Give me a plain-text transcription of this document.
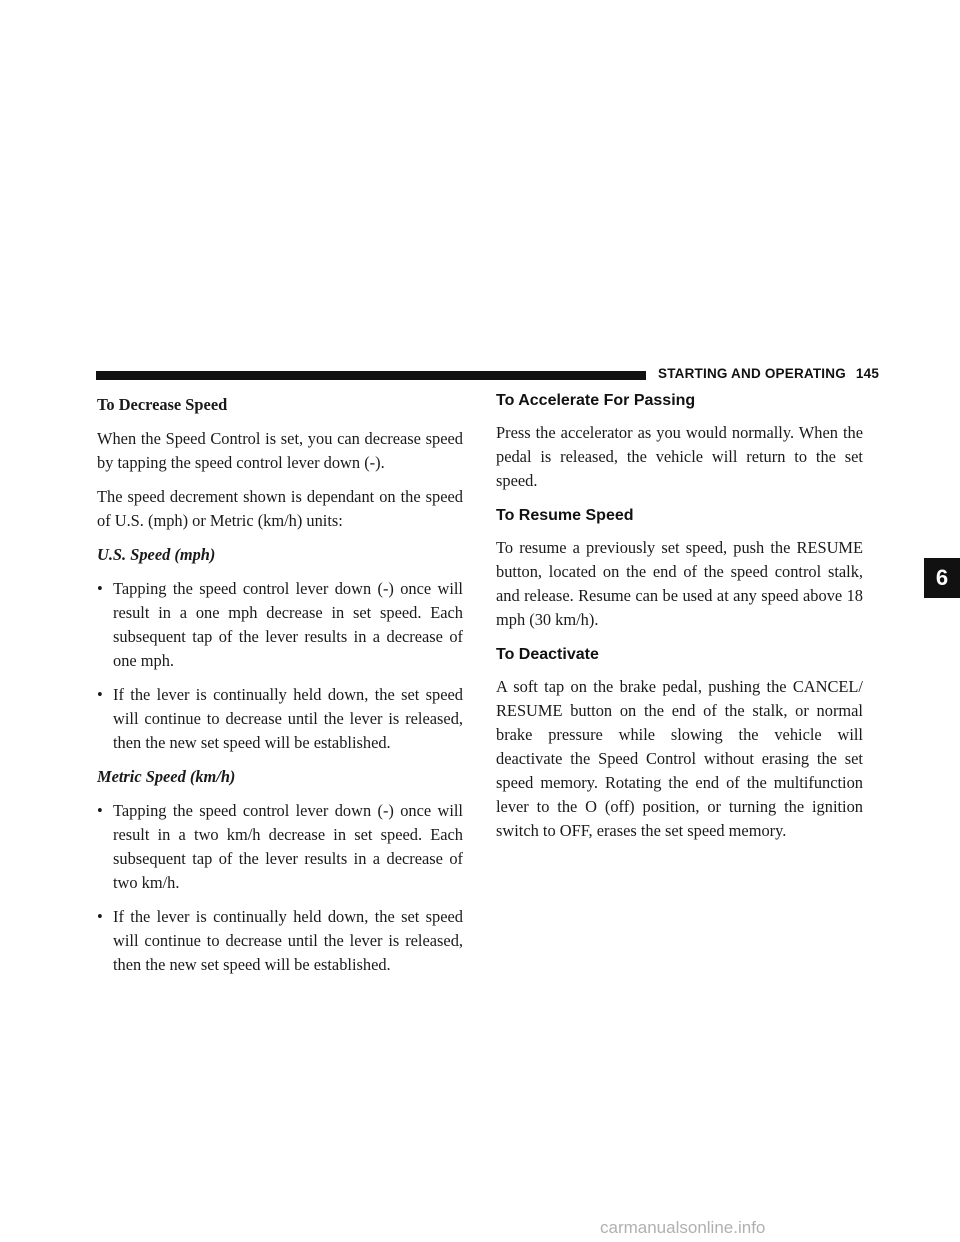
STARTING AND OPERATING 145
6

To Decrease Speed

When the Speed Control is set, you can decrease speed by tapping the speed control lever down (-).

The speed decrement shown is dependant on the speed of U.S. (mph) or Metric (km/h) units:

U.S. Speed (mph)

• Tapping the speed control lever down (-) once will result in a one mph decrease in set speed. Each subsequent tap of the lever results in a decrease of one mph.
• If the lever is continually held down, the set speed will continue to decrease until the lever is released, then the new set speed will be established.

Metric Speed (km/h)

• Tapping the speed control lever down (-) once will result in a two km/h decrease in set speed. Each subsequent tap of the lever results in a decrease of two km/h.
• If the lever is continually held down, the set speed will continue to decrease until the lever is released, then the new set speed will be established.
To Accelerate For Passing

Press the accelerator as you would normally. When the pedal is released, the vehicle will return to the set speed.

To Resume Speed

To resume a previously set speed, push the RESUME button, located on the end of the speed control stalk, and release. Resume can be used at any speed above 18 mph (30 km/h).

To Deactivate

A soft tap on the brake pedal, pushing the CANCEL/ RESUME button on the end of the stalk, or normal brake pressure while slowing the vehicle will deactivate the Speed Control without erasing the set speed memory. Rotating the end of the multifunction lever to the O (off) position, or turning the ignition switch to OFF, erases the set speed memory.

carmanualsonline.info
